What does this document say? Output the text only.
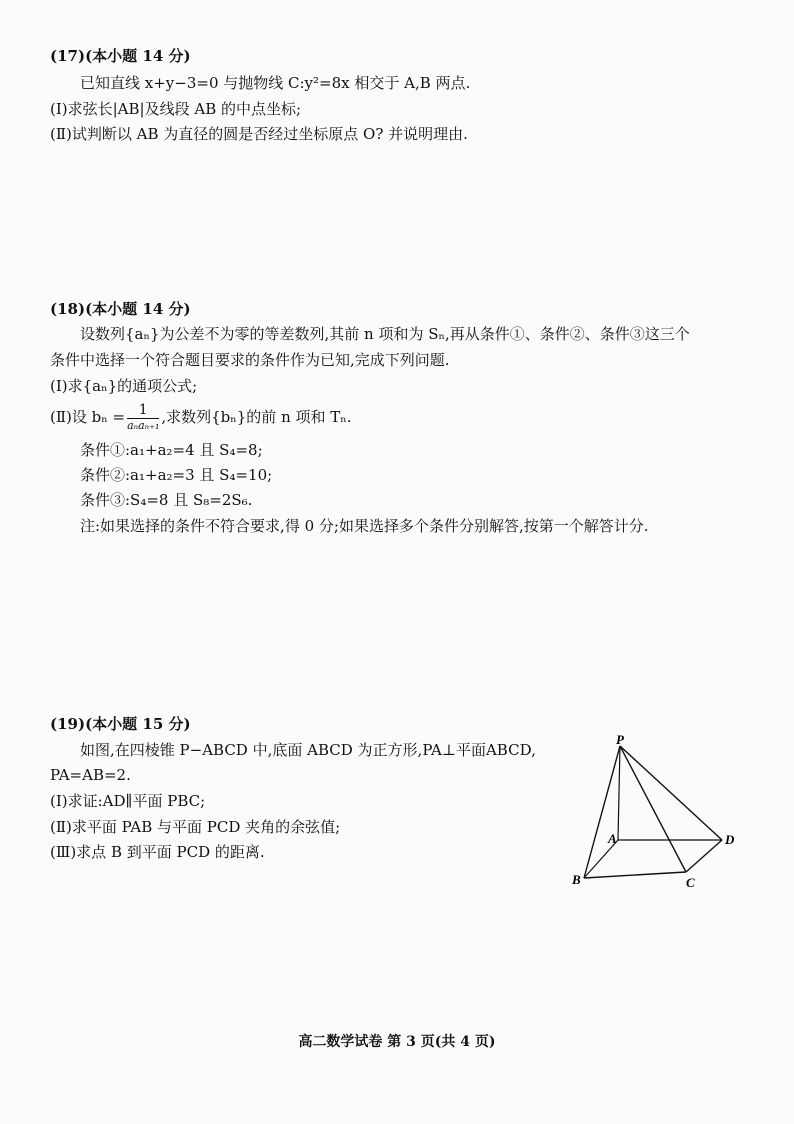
(17)(本小题 14 分)
已知直线 x+y−3=0 与抛物线 C:y²=8x 相交于 A,B 两点.
(Ⅰ)求弦长|AB|及线段 AB 的中点坐标;
(Ⅱ)试判断以 AB 为直径的圆是否经过坐标原点 O? 并说明理由.
(18)(本小题 14 分)
设数列{aₙ}为公差不为零的等差数列,其前 n 项和为 Sₙ,再从条件①、条件②、条件③这三个
条件中选择一个符合题目要求的条件作为已知,完成下列问题.
(Ⅰ)求{aₙ}的通项公式;
(Ⅱ)设 $b_n = \frac{1}{\text{aₙaₙ₊₁}}$ ,求数列{bₙ}的前 n 项和 Tₙ.
条件①:a₁+a₂=4 且 S₄=8;
条件②:a₁+a₂=3 且 S₄=10;
条件③:S₄=8 且 S₈=2S₆.
注:如果选择的条件不符合要求,得 0 分;如果选择多个条件分别解答,按第一个解答计分.
(19)(本小题 15 分)
如图,在四棱锥 P−ABCD 中,底面 ABCD 为正方形,PA⊥平面ABCD,
PA=AB=2.
(Ⅰ)求证:AD∥平面 PBC;
(Ⅱ)求平面 PAB 与平面 PCD 夹角的余弦值;
(Ⅲ)求点 B 到平面 PCD 的距离.
P
A
B	C
D
高二数学试卷 第 3 页(共 4 页)
